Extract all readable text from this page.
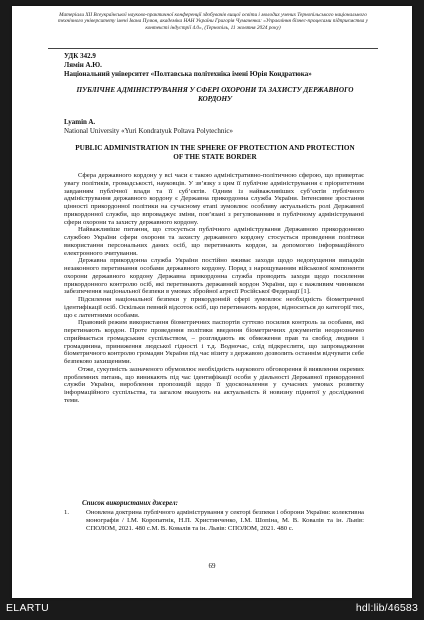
Матеріали XII Всеукраїнської науково-практичної конференції здобувачів вищої освіти і молодих учених Тернопільського національного технічного університету імені Івана Пулюя, академіка НАН України Григорія Чумаченка: «Управління бізнес-процесами підприємства у контексті індустрії 4.0», (Тернопіль, 11 жовтня 2024 року)
УДК 342.9
Лямін А.Ю.
Національний університет «Полтавська політехніка імені Юрія Кондратюка»
ПУБЛІЧНЕ АДМІНІСТРУВАННЯ У СФЕРІ ОХОРОНИ ТА ЗАХИСТУ ДЕРЖАВНОГО КОРДОНУ
Lyamin A.
National University «Yuri Kondratyuk Poltava Polytechnic»
PUBLIC ADMINISTRATION IN THE SPHERE OF PROTECTION AND PROTECTION OF THE STATE BORDER

Сфера державного кордону у всі часи є такою адміністративно-політичною сферою, що привертає увагу політиків, громадськості, науковців. У зв’язку з цим її публічне адміністрування є пріоритетним завданням публічної влади та її суб’єктів. Одним із найважливіших суб’єктів публічного адміністрування державного кордону є Державна прикордонна служба України. Інтенсивне зростання цінності прикордонної політики на сучасному етапі зумовлює особливу актуальність ролі Державної прикордонної служби, що впроваджує зміни, пов’язані з регулюванням в публічному адмініструванні сфери охорони та захисту державного кордону.

Найважливіше питання, що стосується публічного адміністрування Державною прикордонною службою України сфери охорони та захисту державного кордону стосується проведення політики використання персональних даних осіб, що перетинають кордон, за допомогою інформаційного електронного зчитування.

Державна прикордонна служба України постійно вживає заходи щодо недопущення випадків незаконного перетинання особами державного кордону. Поряд з нарощуванням військової компоненти охорони державного кордону Державна прикордонна служба проводить заходи щодо посилення прикордонного контролю осіб, які перетинають державний кордон України, що є важливим чинником забезпечення національної безпеки в умовах збройної агресії Російської Федерації [1].

Підсилення національної безпеки у прикордонній сфері зумовлює необхідність біометричної ідентифікації осіб. Оскільки певний відсоток осіб, що перетинають кордон, відноситься до категорії тих, що є латентними особами.

Правовий режим використання біометричних паспортів суттєво посилив контроль за особами, які перетинають кордон. Проте проведення політики введення біометричних документів неоднозначно сприймається громадським суспільством, – розглядають як обмеження прав та свобод людини і громадянина, приниження людської гідності і т.д. Водночас, слід підкреслити, що запровадження біометричного контролю громадян України під час візиту з державою дозволить останнім відчувати себе безпеково захищеними.

Отже, сукупність зазначеного обумовлює необхідність наукового обговорення й виявлення окремих проблемних питань, що виникають під час ідентифікації особи у діяльності Державної прикордонної служби України, вироблення пропозицій щодо її удосконалення у сучасних умовах розвитку інформаційного суспільства, та загалом вказують на актуальність й новизну піднятої у дослідженні теми.

Список використаних джерел:
1.	Оновлена доктрина публічного адміністрування у секторі безпеки і оборони України: колективна монографія / І.М. Коропатнік, Н.П. Христинченко, І.М. Шопіна, М. В. Ковалів та ін. Львів: СПОЛОМ, 2021. 480 с.М. В. Ковалів та ін. Львів: СПОЛОМ, 2021. 480 с.
69
ELARTU	hdl:lib/46583
